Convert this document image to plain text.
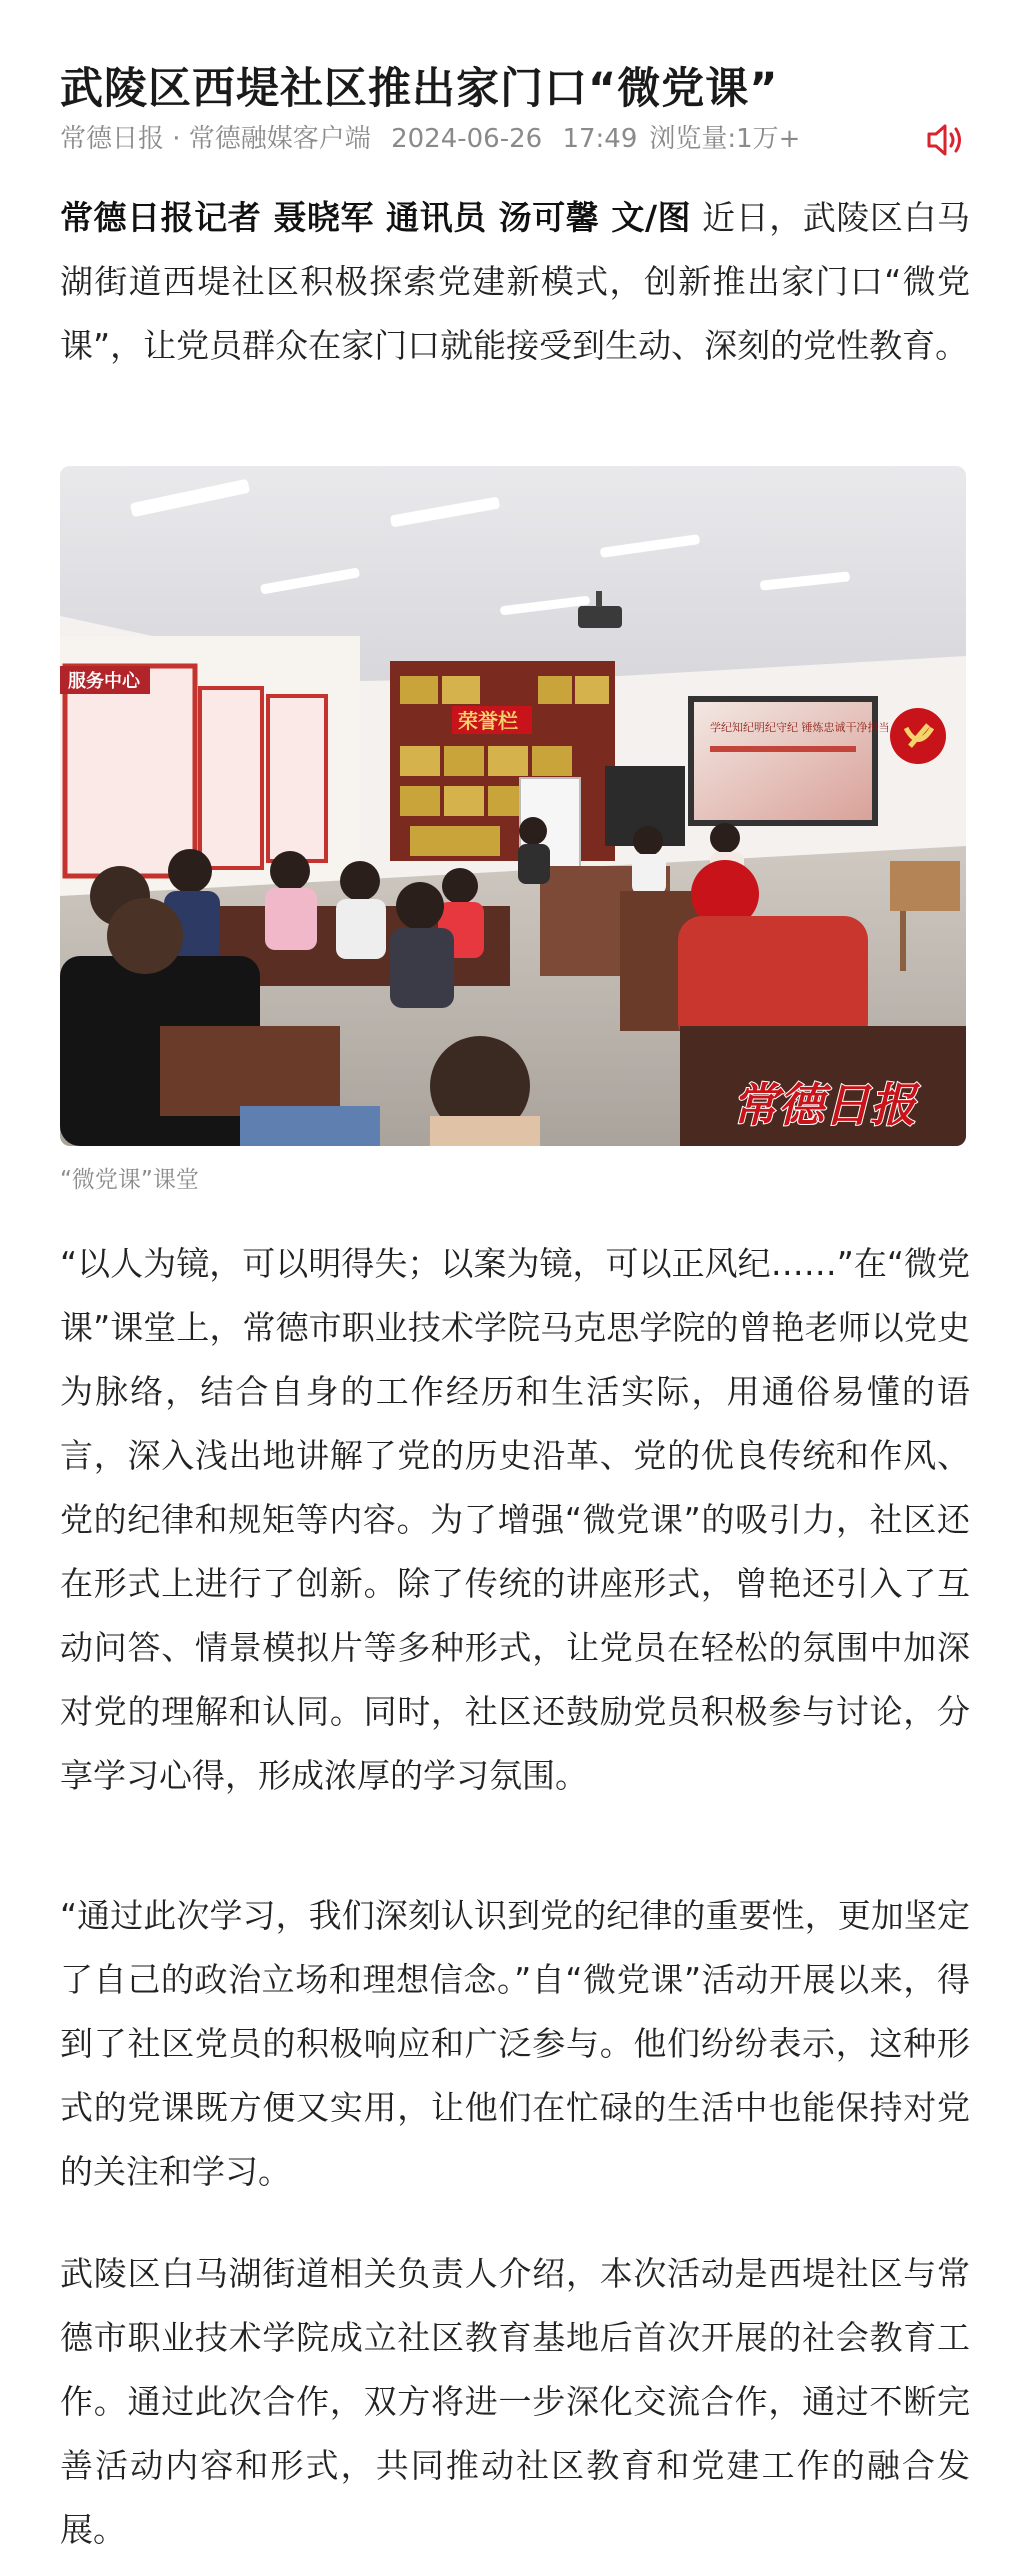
武陵区西堤社区推出家门口“微党课”
常德日报 · 常德融媒客户端 2024-06-26 17:49 浏览量:1万+

常德日报记者 聂晓军 通讯员 汤可馨 文/图 近日，武陵区白马湖街道西堤社区积极探索党建新模式，创新推出家门口“微党课”，让党员群众在家门口就能接受到生动、深刻的党性教育。

服务中心
荣誉栏	学纪知纪明纪守纪 锤炼忠诚干净担当
常德日报
“微党课”课堂

“以人为镜，可以明得失；以案为镜，可以正风纪……”在“微党课”课堂上，常德市职业技术学院马克思学院的曾艳老师以党史为脉络，结合自身的工作经历和生活实际，用通俗易懂的语言，深入浅出地讲解了党的历史沿革、党的优良传统和作风、党的纪律和规矩等内容。为了增强“微党课”的吸引力，社区还在形式上进行了创新。除了传统的讲座形式，曾艳还引入了互动问答、情景模拟片等多种形式，让党员在轻松的氛围中加深对党的理解和认同。同时，社区还鼓励党员积极参与讨论，分享学习心得，形成浓厚的学习氛围。

“通过此次学习，我们深刻认识到党的纪律的重要性，更加坚定了自己的政治立场和理想信念。”自“微党课”活动开展以来，得到了社区党员的积极响应和广泛参与。他们纷纷表示，这种形式的党课既方便又实用，让他们在忙碌的生活中也能保持对党的关注和学习。

武陵区白马湖街道相关负责人介绍，本次活动是西堤社区与常德市职业技术学院成立社区教育基地后首次开展的社会教育工作。通过此次合作，双方将进一步深化交流合作，通过不断完善活动内容和形式，共同推动社区教育和党建工作的融合发展。
